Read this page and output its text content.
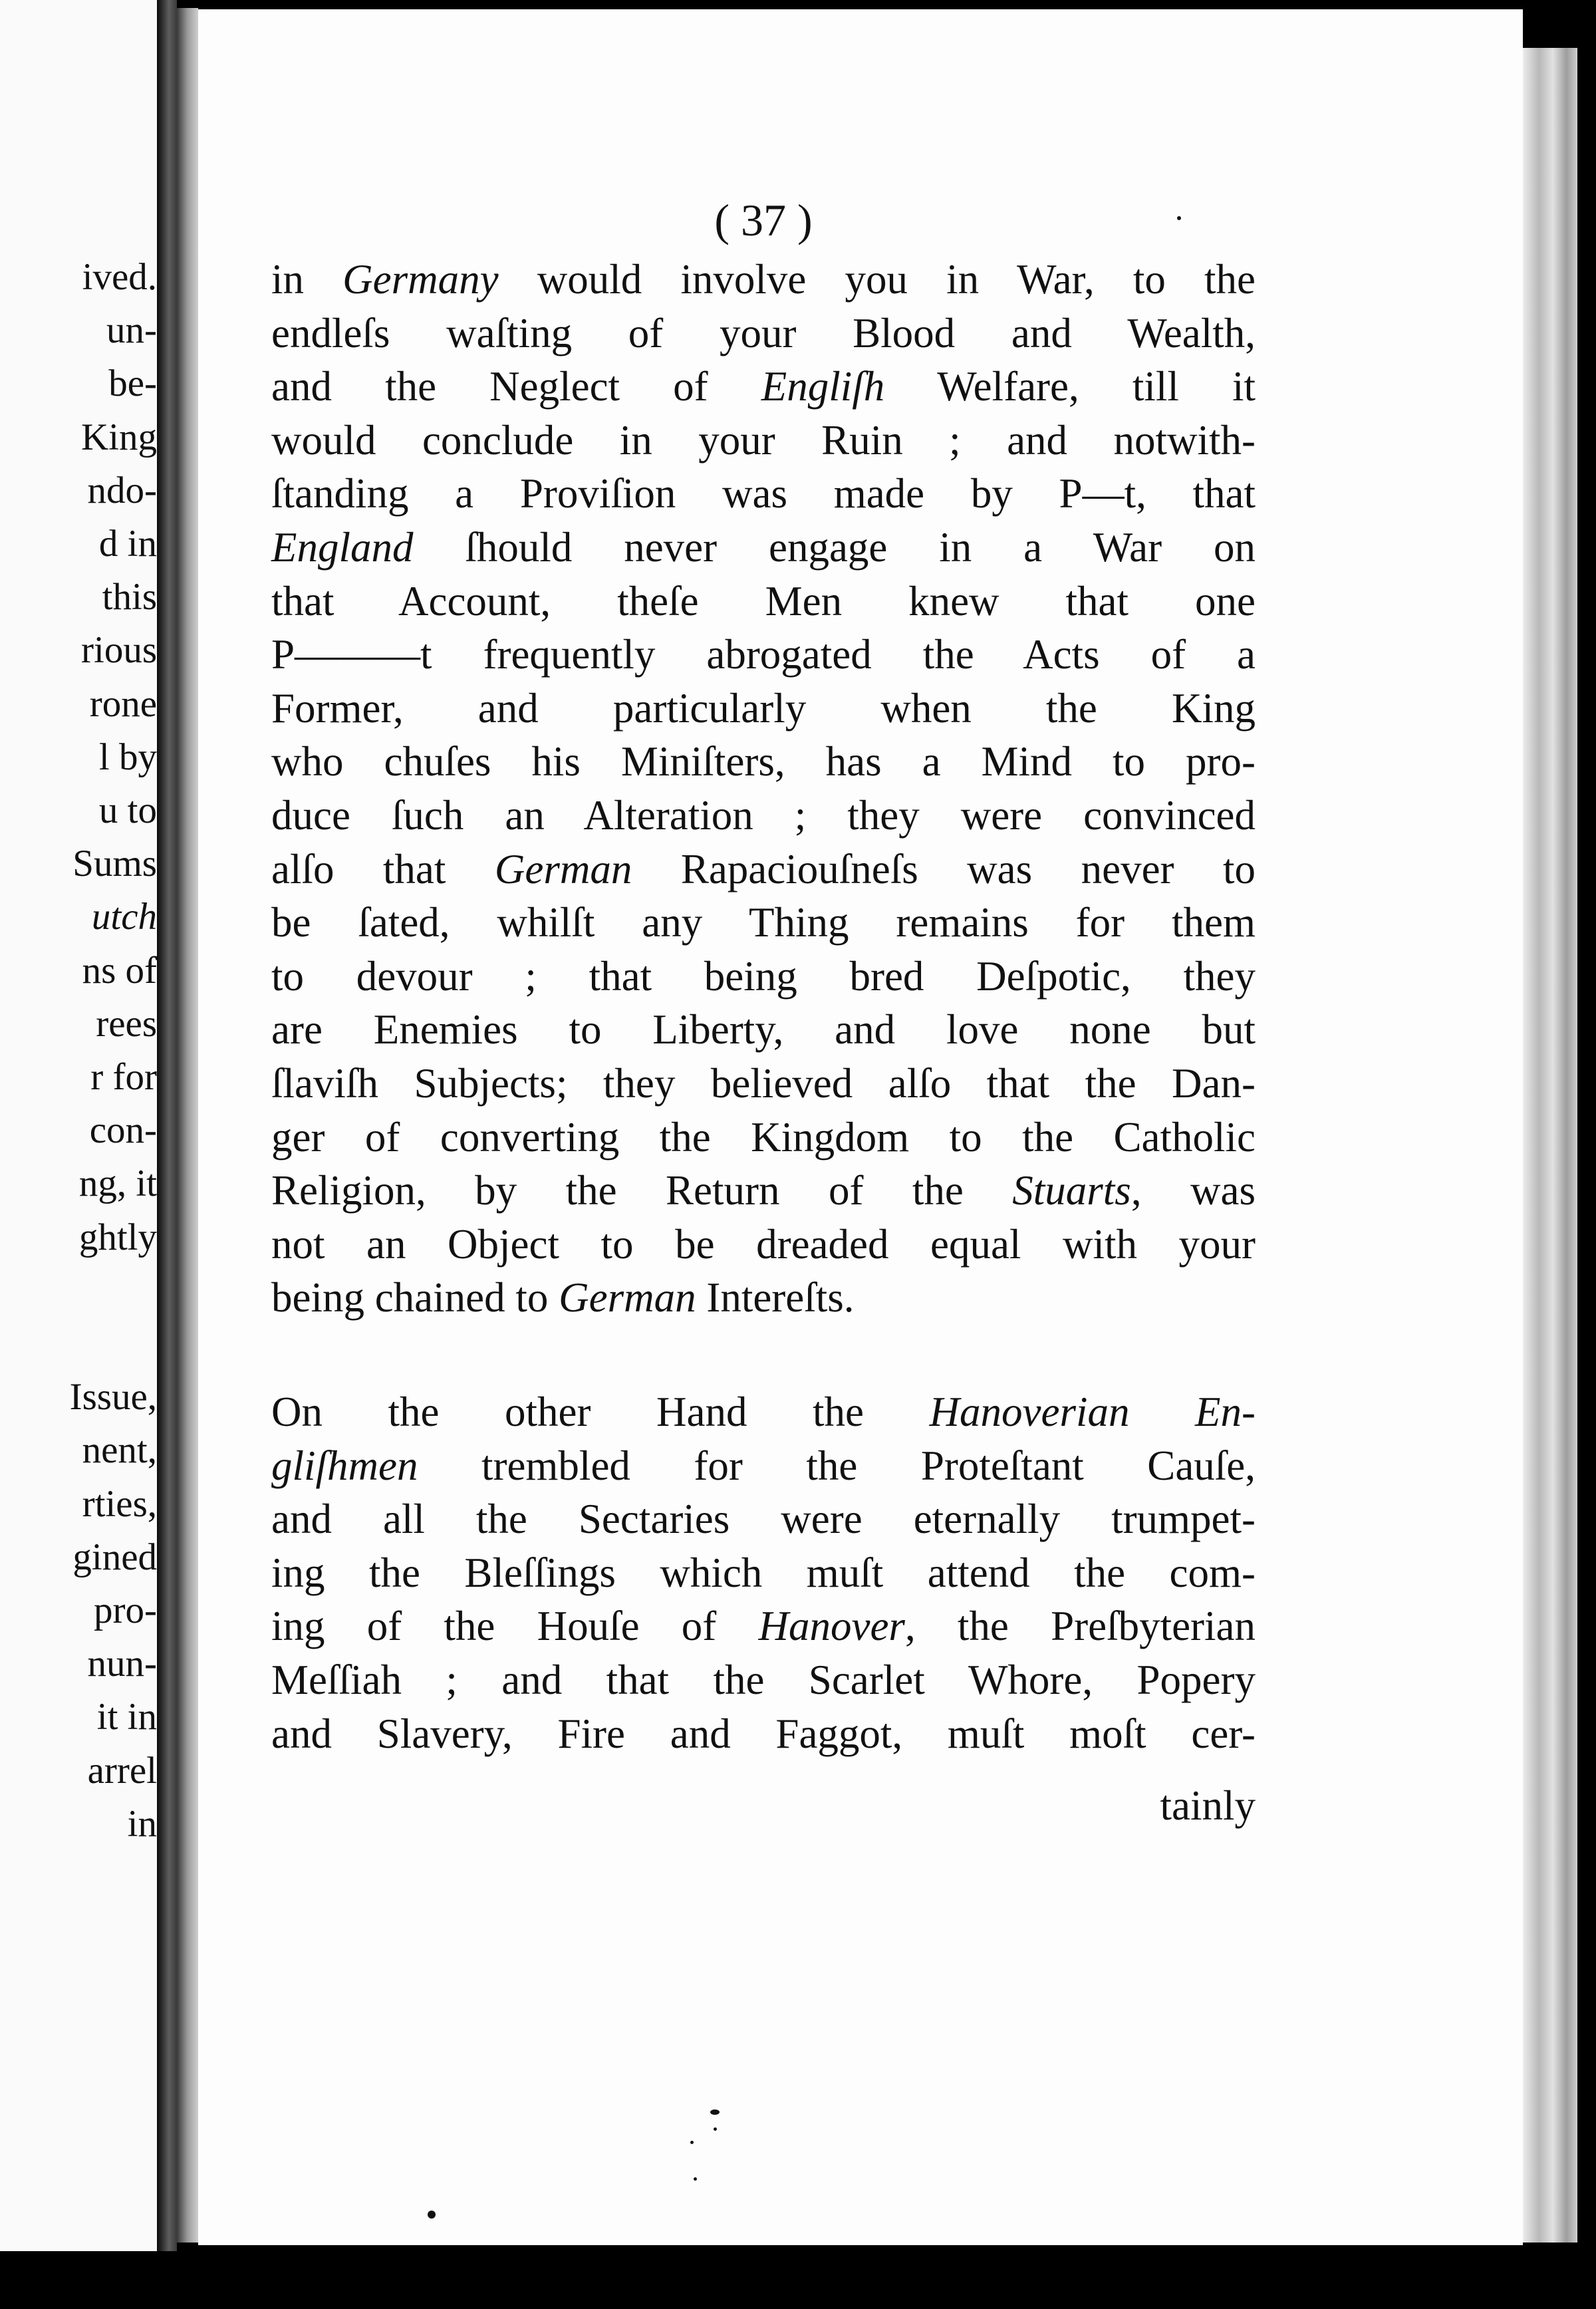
ived.
un-
be-
King
ndo-
d in
this
rious
rone
l by
u to
Sums
utch
ns of
rees
r for
con-
ng, it
ghtly
Issue,
nent,
rties,
gined
pro-
nun-
it in
arrel
in
( 37 )
in Germany would involve you in War, to the
endleſs waſting of your Blood and Wealth,
and the Neglect of Engliſh Welfare, till it
would conclude in your Ruin ; and notwith-
ſtanding a Proviſion was made by P—t, that
England ſhould never engage in a War on
that Account, theſe Men knew that one
P———t frequently abrogated the Acts of a
Former, and particularly when the King
who chuſes his Miniſters, has a Mind to pro-
duce ſuch an Alteration ; they were convinced
alſo that German Rapaciouſneſs was never to
be ſated, whilſt any Thing remains for them
to devour ; that being bred Deſpotic, they
are Enemies to Liberty, and love none but
ſlaviſh Subjects; they believed alſo that the Dan-
ger of converting the Kingdom to the Catholic
Religion, by the Return of the Stuarts, was
not an Object to be dreaded equal with your
being chained to German Intereſts.
On the other Hand the Hanoverian En-
gliſhmen trembled for the Proteſtant Cauſe,
and all the Sectaries were eternally trumpet-
ing the Bleſſings which muſt attend the com-
ing of the Houſe of Hanover, the Preſbyterian
Meſſiah ; and that the Scarlet Whore, Popery
and Slavery, Fire and Faggot, muſt moſt cer-
tainly
